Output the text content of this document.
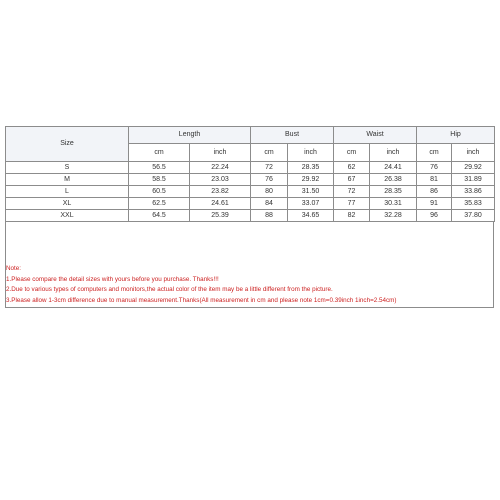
Size	Length		Bust		Waist		Hip	
	cm	inch	cm	inch	cm	inch	cm	inch
S	56.5	22.24	72	28.35	62	24.41	76	29.92
M	58.5	23.03	76	29.92	67	26.38	81	31.89
L	60.5	23.82	80	31.50	72	28.35	86	33.86
XL	62.5	24.61	84	33.07	77	30.31	91	35.83
XXL	64.5	25.39	88	34.65	82	32.28	96	37.80
Note:
1.Please compare the detail sizes with yours before you purchase. Thanks!!!
2.Due to various types of computers and monitors,the actual color of the item may be a little different from the picture.
3.Please allow 1-3cm difference due to manual measurement.Thanks(All measurement in cm and please note 1cm=0.39inch 1inch=2.54cm)
